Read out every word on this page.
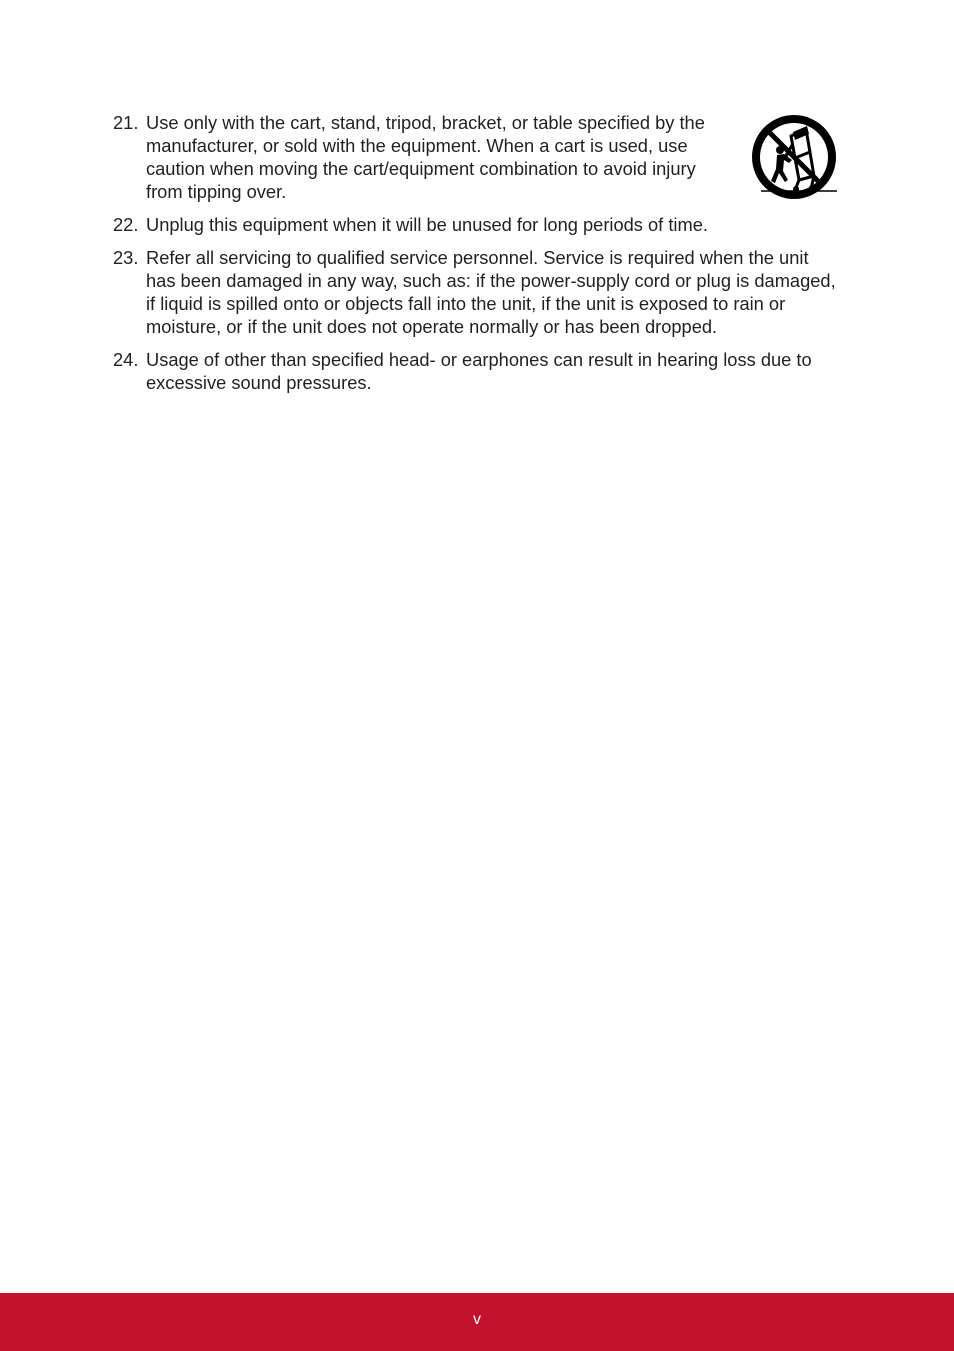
21. Use only with the cart, stand, tripod, bracket, or table specified by the manufacturer, or sold with the equipment. When a cart is used, use caution when moving the cart/equipment combination to avoid injury from tipping over.
22. Unplug this equipment when it will be unused for long periods of time.
23. Refer all servicing to qualified service personnel. Service is required when the unit has been damaged in any way, such as: if the power-supply cord or plug is damaged, if liquid is spilled onto or objects fall into the unit, if the unit is exposed to rain or moisture, or if the unit does not operate normally or has been dropped.
24. Usage of other than specified head- or earphones can result in hearing loss due to excessive sound pressures.
v
